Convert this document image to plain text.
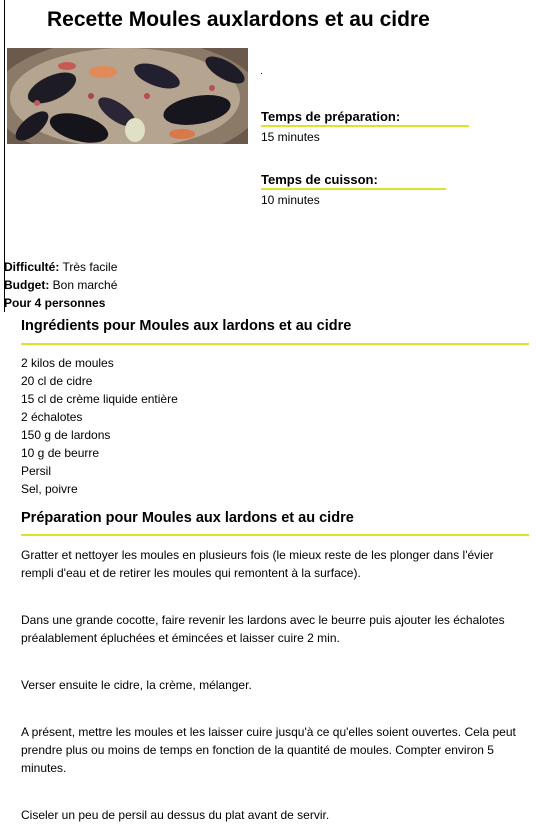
Recette Moules auxlardons et au cidre
.
Temps de préparation:

15 minutes

Temps de cuisson:

10 minutes

Difficulté: Très facile

Budget: Bon marché

Pour 4 personnes

Ingrédients pour Moules aux lardons et au cidre
2 kilos de moules
20 cl de cidre
15 cl de crème liquide entière
2 échalotes
150 g de lardons
10 g de beurre
Persil
Sel, poivre
Préparation pour Moules aux lardons et au cidre

Gratter et nettoyer les moules en plusieurs fois (le mieux reste de les plonger dans l'évier rempli d'eau et de retirer les moules qui remontent à la surface).

Dans une grande cocotte, faire revenir les lardons avec le beurre puis ajouter les échalotes préalablement épluchées et émincées et laisser cuire 2 min.

Verser ensuite le cidre, la crème, mélanger.

A présent, mettre les moules et les laisser cuire jusqu'à ce qu'elles soient ouvertes. Cela peut prendre plus ou moins de temps en fonction de la quantité de moules. Compter environ 5 minutes.

Ciseler un peu de persil au dessus du plat avant de servir.
